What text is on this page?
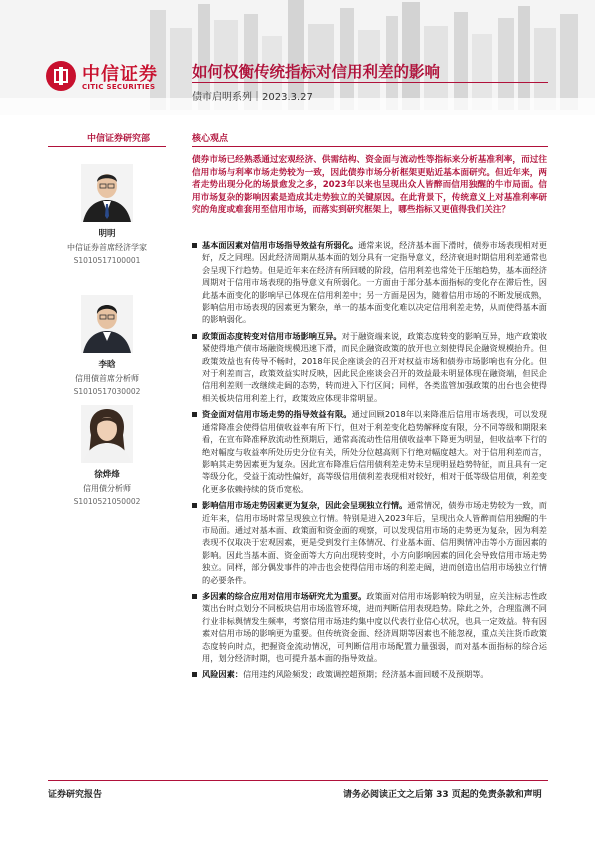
中信证券
CITIC SECURITIES
如何权衡传统指标对信用利差的影响
债市启明系列｜2023.3.27
中信证券研究部	核心观点
明明
中信证券首席经济学家
S1010517100001
李晗
信用债首席分析师
S1010517030002
徐烨烽
信用债分析师
S1010521050002
债券市场已经熟悉通过宏观经济、供需结构、资金面与流动性等指标来分析基准利率，而过往信用市场与利率市场走势较为一致，因此债券市场分析框架更贴近基本面研究。但近年来，两者走势出现分化的场景愈发之多，2023年以来也呈现出众人皆醉而信用独醒的牛市局面。信用市场复杂的影响因素是造成其走势独立的关键原因。在此背景下，传统意义上对基准利率研究的角度或难套用至信用市场，而落实到研究框架上，哪些指标又更值得我们关注？
基本面因素对信用市场指导效益有所弱化。通常来说，经济基本面下滑时，债券市场表现相对更好，反之同理。因此经济周期从基本面的划分具有一定指导意义，经济衰退时期信用利差通常也会呈现下行趋势。但是近年来在经济有所回暖的阶段，信用利差也常处于压缩趋势，基本面经济周期对于信用市场表现的指导意义有所弱化。一方面由于部分基本面指标的变化存在滞后性，因此基本面变化的影响早已体现在信用利差中；另一方面是因为，随着信用市场的不断发展成熟，影响信用市场表现的因素更为繁杂，单一的基本面变化难以决定信用利差走势，从而使得基本面的影响弱化。
政策面态度转变对信用市场影响互异。对于融资端来说，政策态度转变的影响互异，地产政策收紧使得地产债市场融资规模迅速下滑，而民企融资政策的放开也立刻使得民企融资规模抬升。但政策效益也有传导不畅时，2018年民企座谈会的召开对权益市场和债券市场影响也有分化。但对于利差而言，政策效益实时反映，因此民企座谈会召开的效益最未明显体现在融资端，但民企信用利差则一改继续走阔的态势，转而进入下行区间；同样，各类监管加强政策的出台也会使得相关板块信用利差上行，政策效应体现非常明显。
资金面对信用市场走势的指导效益有限。通过回顾2018年以来降准后信用市场表现，可以发现通常降准会使得信用债收益率有所下行，但对于利差变化趋势解释度有限，分不同等级和期限来看，在宣布降准释放流动性预期后，通常高流动性信用债收益率下降更为明显，但收益率下行的绝对幅度与收益率所处历史分位有关，所处分位越高则下行绝对幅度越大。对于信用利差而言，影响其走势因素更为复杂。因此宣布降准后信用债利差走势未呈现明显趋势特征，而且具有一定等级分化，受益于流动性偏好，高等级信用债利差表现相对较好，相对于低等级信用债，利差变化更多依赖持续的货币宽松。
影响信用市场走势因素更为复杂，因此会呈现独立行情。通常情况，债券市场走势较为一致，而近年来，信用市场时常呈现独立行情。特别是进入2023年后，呈现出众人皆醉而信用独醒的牛市局面。通过对基本面、政策面和资金面的观察，可以发现信用市场的走势更为复杂，因为利差表现不仅取决于宏观因素，更是受到发行主体情况、行业基本面、信用舆情冲击等小方面因素的影响。因此当基本面、资金面等大方向出现转变时，小方向影响因素的回化会导致信用市场走势独立。同样，部分偶发事件的冲击也会使得信用市场的利差走阔，进而创造出信用市场独立行情的必要条件。
多因素的综合应用对信用市场研究尤为重要。政策面对信用市场影响较为明显，应关注标志性政策出台时点划分不同板块信用市场监管环境，进而判断信用表现趋势。除此之外，合理监测不同行业非标舆情发生频率，考察信用市场违约集中度以代表行业信心状况，也具一定效益。特有因素对信用市场的影响更为重要。但传统资金面、经济周期等因素也不能忽视，重点关注货币政策态度转向时点，把握资金流动情况，可判断信用市场配置力量强弱，而对基本面指标的综合运用，划分经济时期，也可提升基本面的指导效益。
风险因素：信用违约风险频发；政策调控超预期；经济基本面回暖不及预期等。
证券研究报告	请务必阅读正文之后第 33 页起的免责条款和声明
